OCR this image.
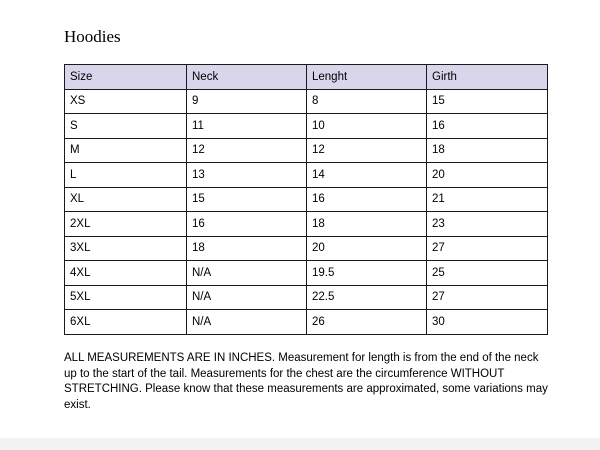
Hoodies
Size	Neck	Lenght	Girth
XS	9	8	15
S	11	10	16
M	12	12	18
L	13	14	20
XL	15	16	21
2XL	16	18	23
3XL	18	20	27
4XL	N/A	19.5	25
5XL	N/A	22.5	27
6XL	N/A	26	30

ALL MEASUREMENTS ARE IN INCHES. Measurement for length is from the end of the neck up to the start of the tail. Measurements for the chest are the circumference WITHOUT STRETCHING. Please know that these measurements are approximated, some variations may exist.
